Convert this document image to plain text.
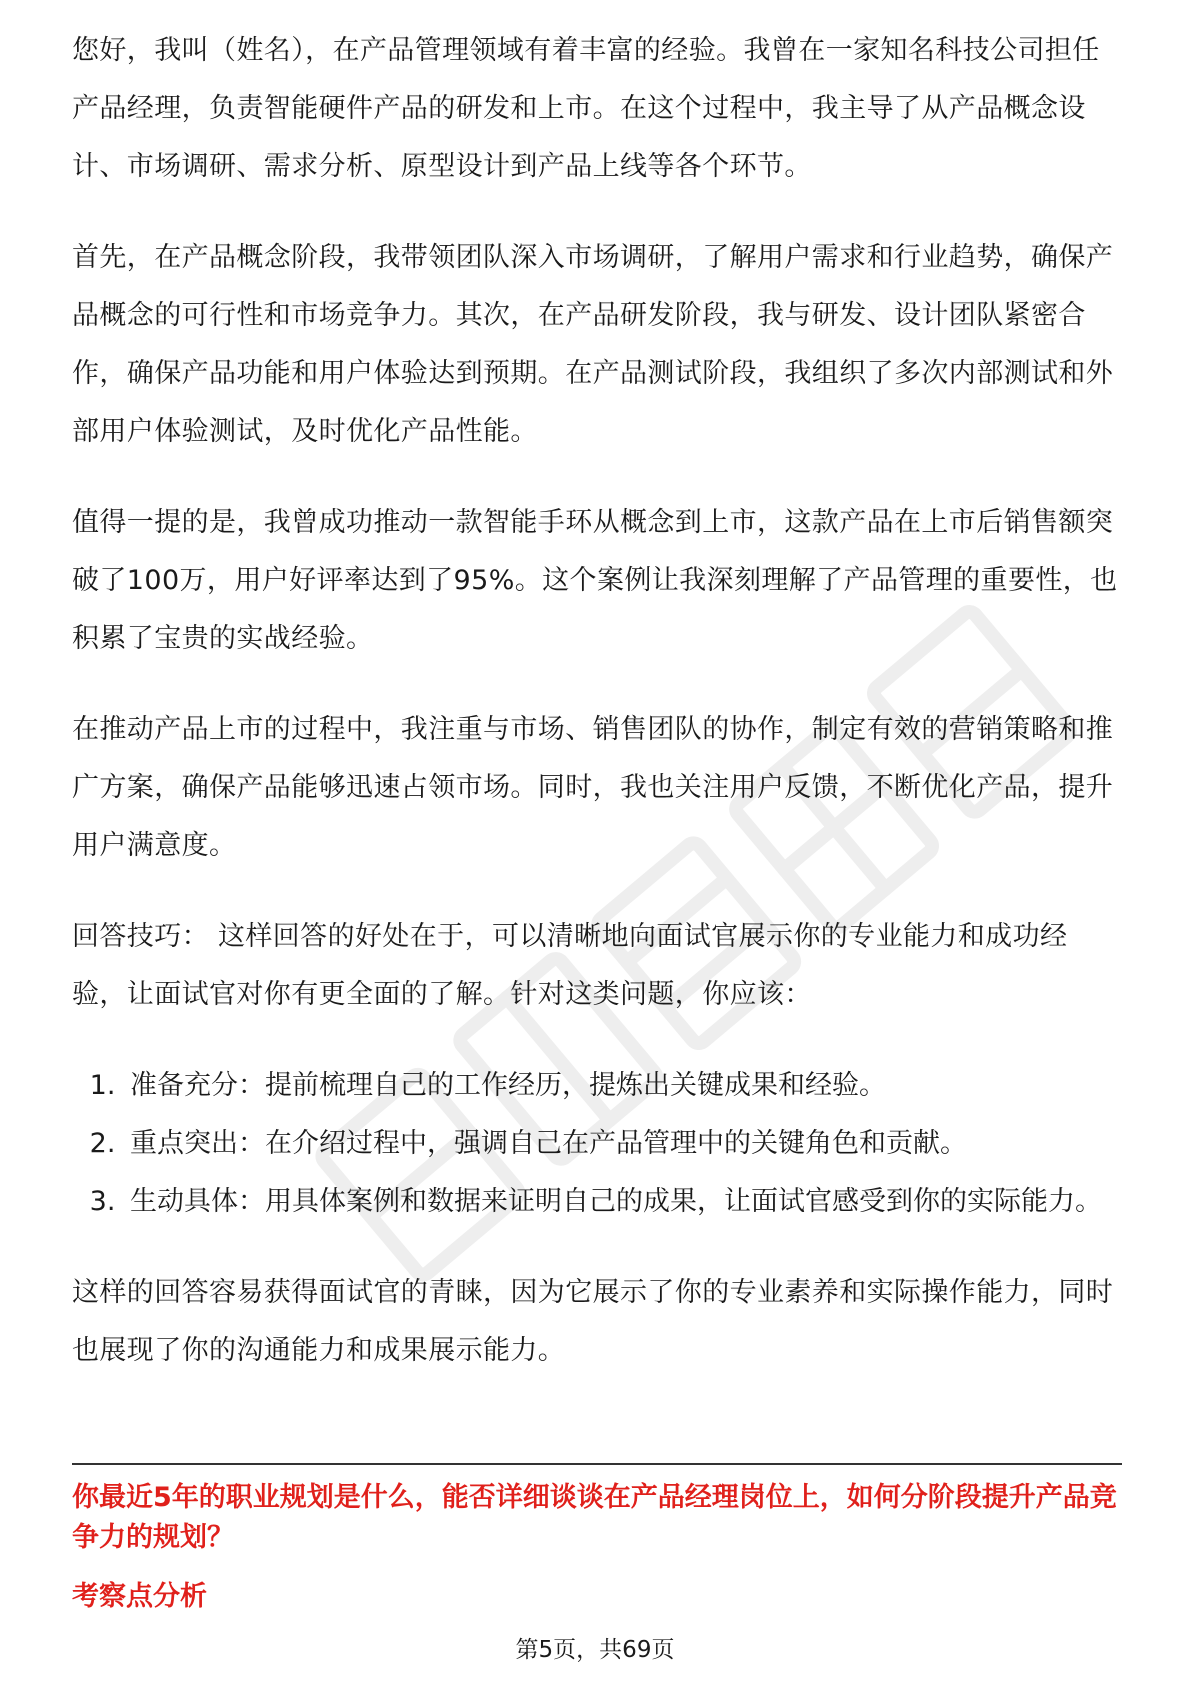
您好，我叫（姓名），在产品管理领域有着丰富的经验。我曾在一家知名科技公司担任产品经理，负责智能硬件产品的研发和上市。在这个过程中，我主导了从产品概念设计、市场调研、需求分析、原型设计到产品上线等各个环节。

首先，在产品概念阶段，我带领团队深入市场调研，了解用户需求和行业趋势，确保产品概念的可行性和市场竞争力。其次，在产品研发阶段，我与研发、设计团队紧密合作，确保产品功能和用户体验达到预期。在产品测试阶段，我组织了多次内部测试和外部用户体验测试，及时优化产品性能。

值得一提的是，我曾成功推动一款智能手环从概念到上市，这款产品在上市后销售额突破了100万，用户好评率达到了95%。这个案例让我深刻理解了产品管理的重要性，也积累了宝贵的实战经验。

在推动产品上市的过程中，我注重与市场、销售团队的协作，制定有效的营销策略和推广方案，确保产品能够迅速占领市场。同时，我也关注用户反馈，不断优化产品，提升用户满意度。

回答技巧： 这样回答的好处在于，可以清晰地向面试官展示你的专业能力和成功经验，让面试官对你有更全面的了解。针对这类问题，你应该：

1. 准备充分：提前梳理自己的工作经历，提炼出关键成果和经验。
2. 重点突出：在介绍过程中，强调自己在产品管理中的关键角色和贡献。
3. 生动具体：用具体案例和数据来证明自己的成果，让面试官感受到你的实际能力。

这样的回答容易获得面试官的青睐，因为它展示了你的专业素养和实际操作能力，同时也展现了你的沟通能力和成果展示能力。

你最近5年的职业规划是什么，能否详细谈谈在产品经理岗位上，如何分阶段提升产品竞争力的规划？

考察点分析

第5页，共69页
